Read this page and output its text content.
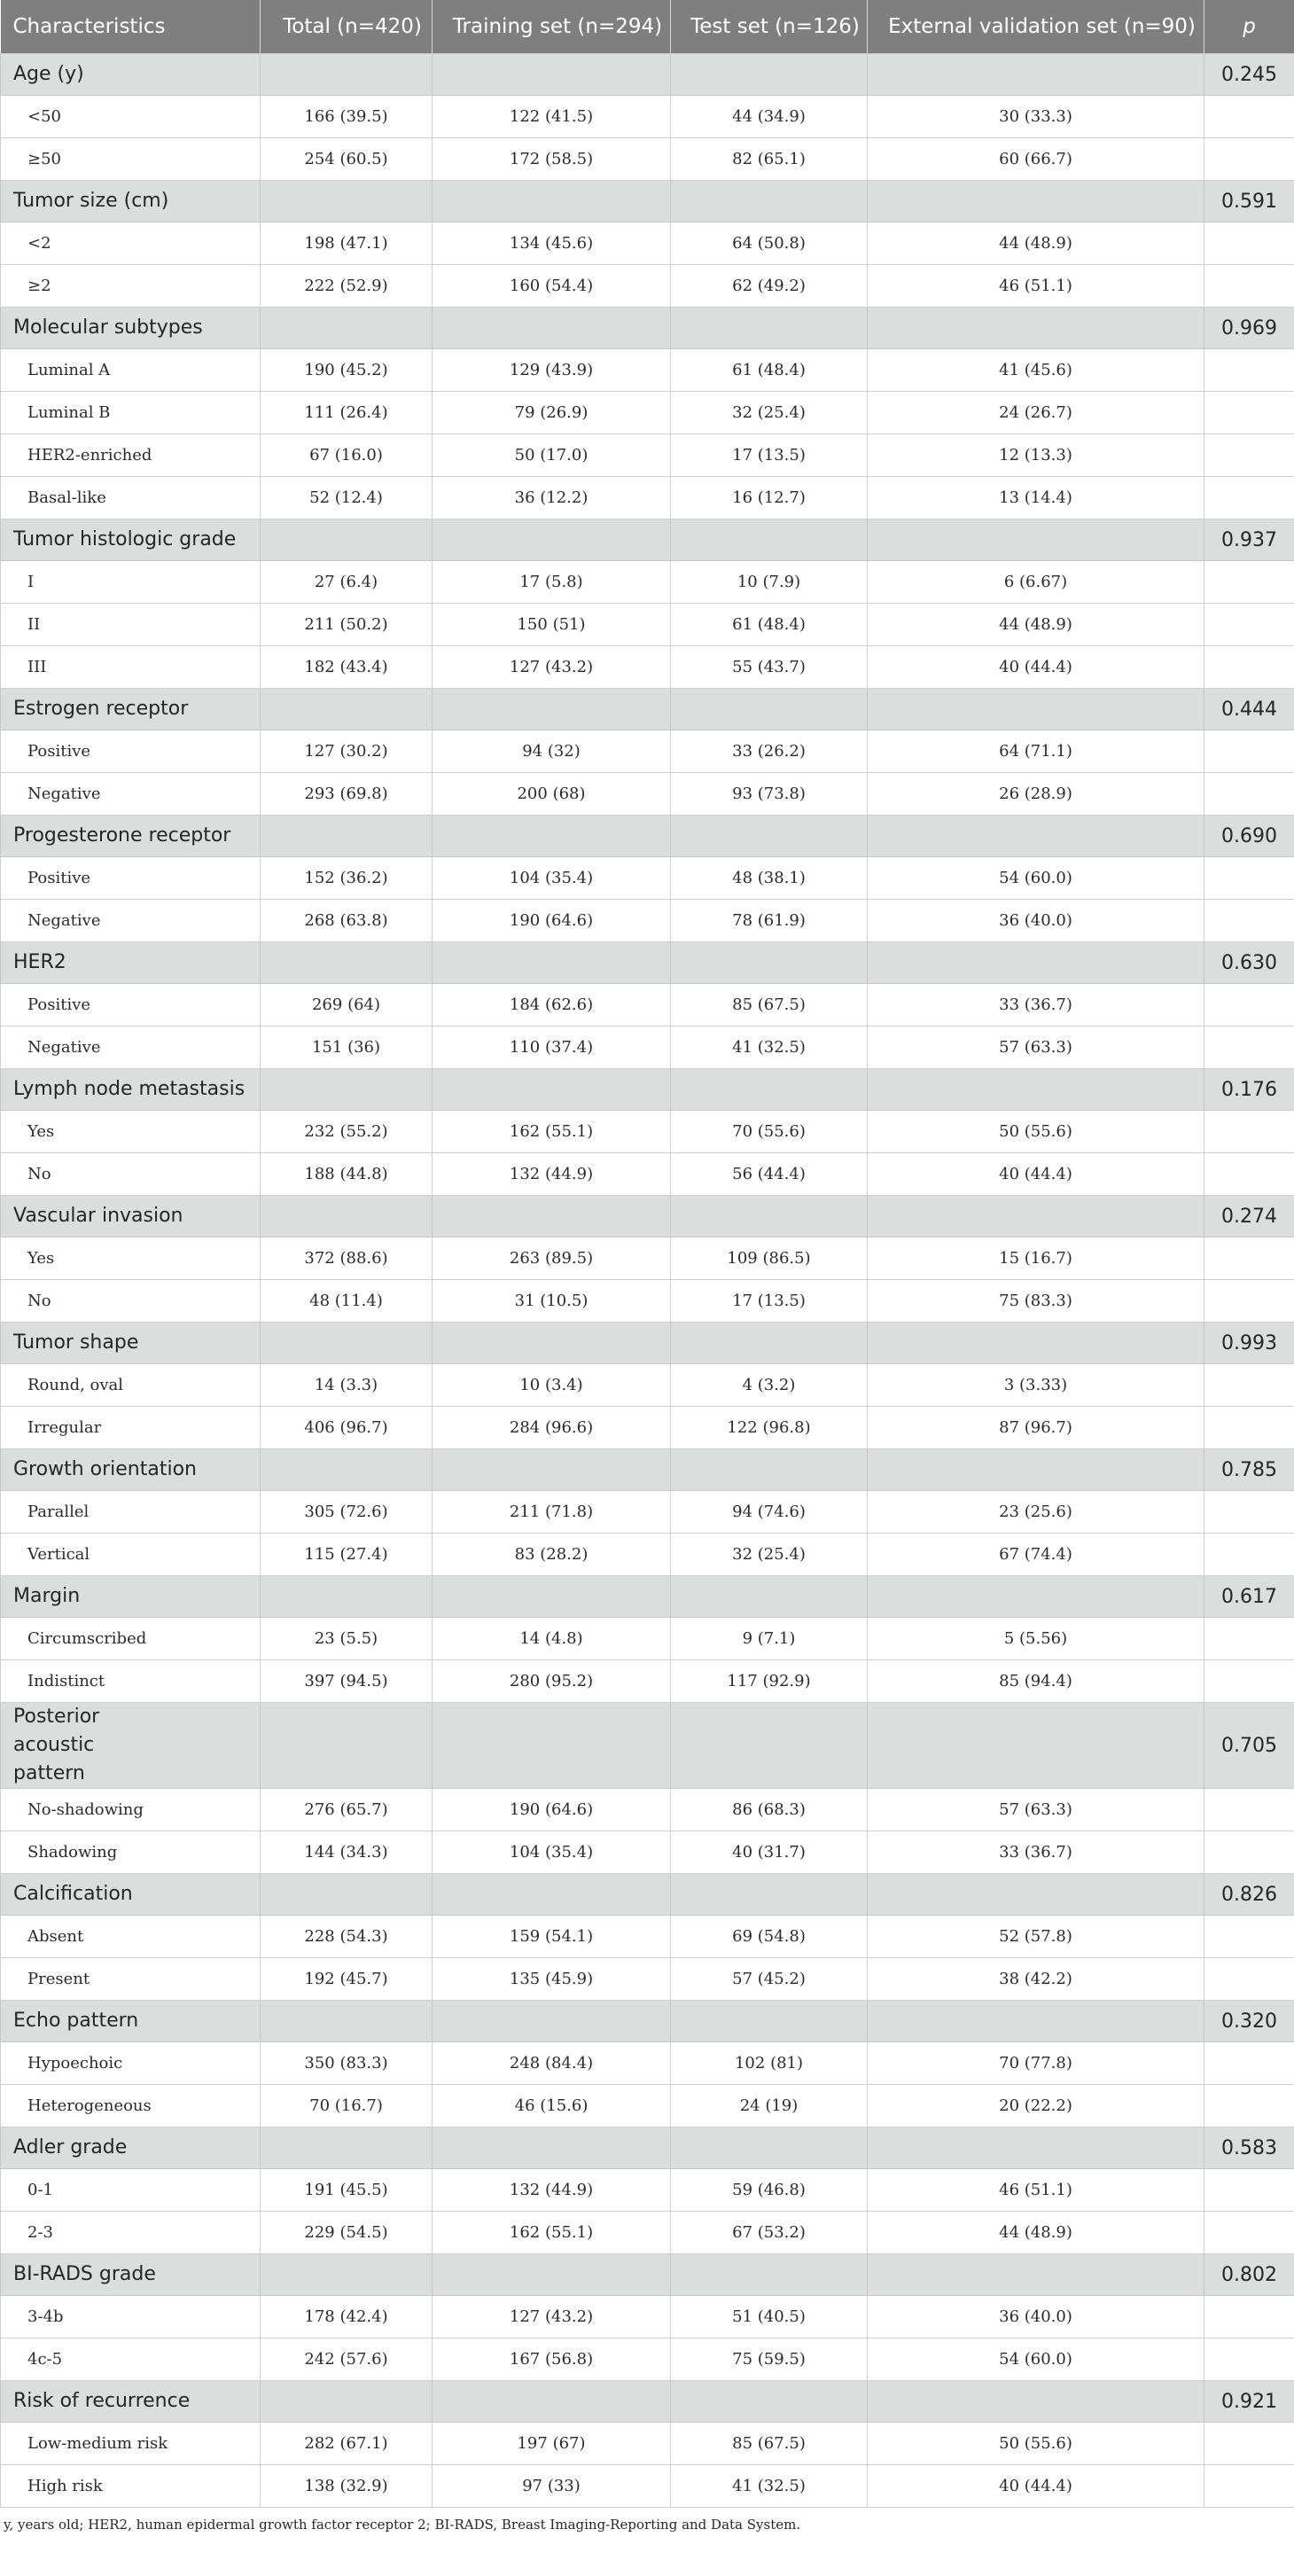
Characteristics	Total (n=420)	Training set (n=294)	Test set (n=126)	External validation set (n=90)	p
Age (y)					0.245
<50	166 (39.5)	122 (41.5)	44 (34.9)	30 (33.3)	
≥50	254 (60.5)	172 (58.5)	82 (65.1)	60 (66.7)	
Tumor size (cm)					0.591
<2	198 (47.1)	134 (45.6)	64 (50.8)	44 (48.9)	
≥2	222 (52.9)	160 (54.4)	62 (49.2)	46 (51.1)	
Molecular subtypes					0.969
Luminal A	190 (45.2)	129 (43.9)	61 (48.4)	41 (45.6)	
Luminal B	111 (26.4)	79 (26.9)	32 (25.4)	24 (26.7)	
HER2-enriched	67 (16.0)	50 (17.0)	17 (13.5)	12 (13.3)	
Basal-like	52 (12.4)	36 (12.2)	16 (12.7)	13 (14.4)	
Tumor histologic grade					0.937
I	27 (6.4)	17 (5.8)	10 (7.9)	6 (6.67)	
II	211 (50.2)	150 (51)	61 (48.4)	44 (48.9)	
III	182 (43.4)	127 (43.2)	55 (43.7)	40 (44.4)	
Estrogen receptor					0.444
Positive	127 (30.2)	94 (32)	33 (26.2)	64 (71.1)	
Negative	293 (69.8)	200 (68)	93 (73.8)	26 (28.9)	
Progesterone receptor					0.690
Positive	152 (36.2)	104 (35.4)	48 (38.1)	54 (60.0)	
Negative	268 (63.8)	190 (64.6)	78 (61.9)	36 (40.0)	
HER2					0.630
Positive	269 (64)	184 (62.6)	85 (67.5)	33 (36.7)	
Negative	151 (36)	110 (37.4)	41 (32.5)	57 (63.3)	
Lymph node metastasis					0.176
Yes	232 (55.2)	162 (55.1)	70 (55.6)	50 (55.6)	
No	188 (44.8)	132 (44.9)	56 (44.4)	40 (44.4)	
Vascular invasion					0.274
Yes	372 (88.6)	263 (89.5)	109 (86.5)	15 (16.7)	
No	48 (11.4)	31 (10.5)	17 (13.5)	75 (83.3)	
Tumor shape					0.993
Round, oval	14 (3.3)	10 (3.4)	4 (3.2)	3 (3.33)	
Irregular	406 (96.7)	284 (96.6)	122 (96.8)	87 (96.7)	
Growth orientation					0.785
Parallel	305 (72.6)	211 (71.8)	94 (74.6)	23 (25.6)	
Vertical	115 (27.4)	83 (28.2)	32 (25.4)	67 (74.4)	
Margin					0.617
Circumscribed	23 (5.5)	14 (4.8)	9 (7.1)	5 (5.56)	
Indistinct	397 (94.5)	280 (95.2)	117 (92.9)	85 (94.4)	
Posterior acoustic pattern					0.705
No-shadowing	276 (65.7)	190 (64.6)	86 (68.3)	57 (63.3)	
Shadowing	144 (34.3)	104 (35.4)	40 (31.7)	33 (36.7)	
Calcification					0.826
Absent	228 (54.3)	159 (54.1)	69 (54.8)	52 (57.8)	
Present	192 (45.7)	135 (45.9)	57 (45.2)	38 (42.2)	
Echo pattern					0.320
Hypoechoic	350 (83.3)	248 (84.4)	102 (81)	70 (77.8)	
Heterogeneous	70 (16.7)	46 (15.6)	24 (19)	20 (22.2)	
Adler grade					0.583
0-1	191 (45.5)	132 (44.9)	59 (46.8)	46 (51.1)	
2-3	229 (54.5)	162 (55.1)	67 (53.2)	44 (48.9)	
BI-RADS grade					0.802
3-4b	178 (42.4)	127 (43.2)	51 (40.5)	36 (40.0)	
4c-5	242 (57.6)	167 (56.8)	75 (59.5)	54 (60.0)	
Risk of recurrence					0.921
Low-medium risk	282 (67.1)	197 (67)	85 (67.5)	50 (55.6)	
High risk	138 (32.9)	97 (33)	41 (32.5)	40 (44.4)	
y, years old; HER2, human epidermal growth factor receptor 2; BI-RADS, Breast Imaging-Reporting and Data System.
